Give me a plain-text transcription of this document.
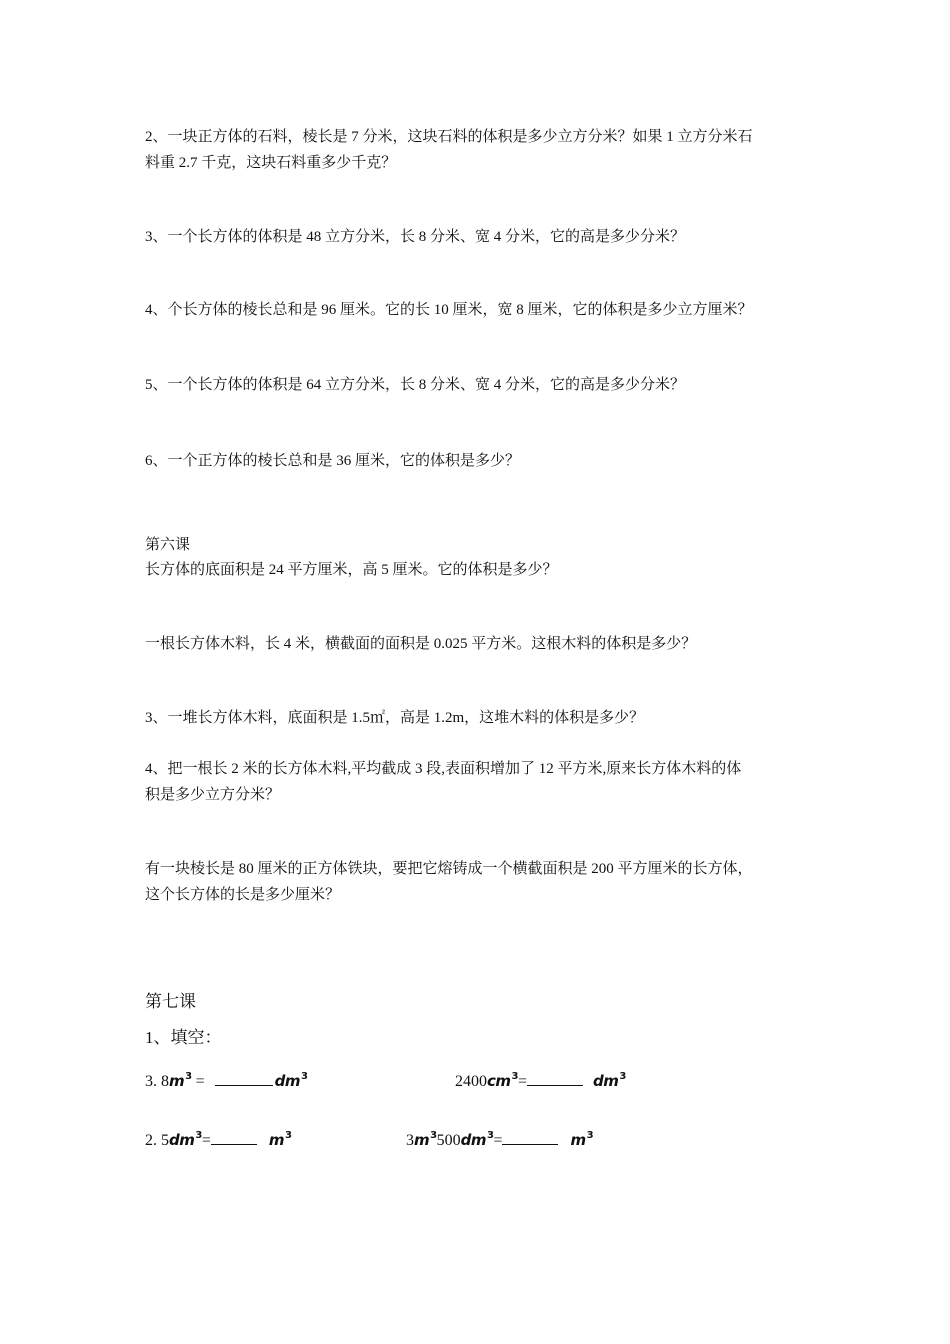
2、一块正方体的石料，棱长是 7 分米，这块石料的体积是多少立方分米？如果 1 立方分米石
料重 2.7 千克，这块石料重多少千克？
3、一个长方体的体积是 48 立方分米，长 8 分米、宽 4 分米，它的高是多少分米？
4、个长方体的棱长总和是 96 厘米。它的长 10 厘米，宽 8 厘米，它的体积是多少立方厘米？
5、一个长方体的体积是 64 立方分米，长 8 分米、宽 4 分米，它的高是多少分米？
6、一个正方体的棱长总和是 36 厘米，它的体积是多少？
第六课
长方体的底面积是 24 平方厘米，高 5 厘米。它的体积是多少？
一根长方体木料，长 4 米，横截面的面积是 0.025 平方米。这根木料的体积是多少？
3、一堆长方体木料，底面积是 1.5㎡，高是 1.2m，这堆木料的体积是多少？
4、把一根长 2 米的长方体木料,平均截成 3 段,表面积增加了 12 平方米,原来长方体木料的体
积是多少立方分米？
有一块棱长是 80 厘米的正方体铁块，要把它熔铸成一个横截面积是 200 平方厘米的长方体，
这个长方体的长是多少厘米？
第七课
1、填空：
3. $8m^3$ =	$dm^3$	$2400cm^3=$	$dm^3$
2. $5dm^3=$	$m^3$	$3m^3500dm^3=$	$m^3$
